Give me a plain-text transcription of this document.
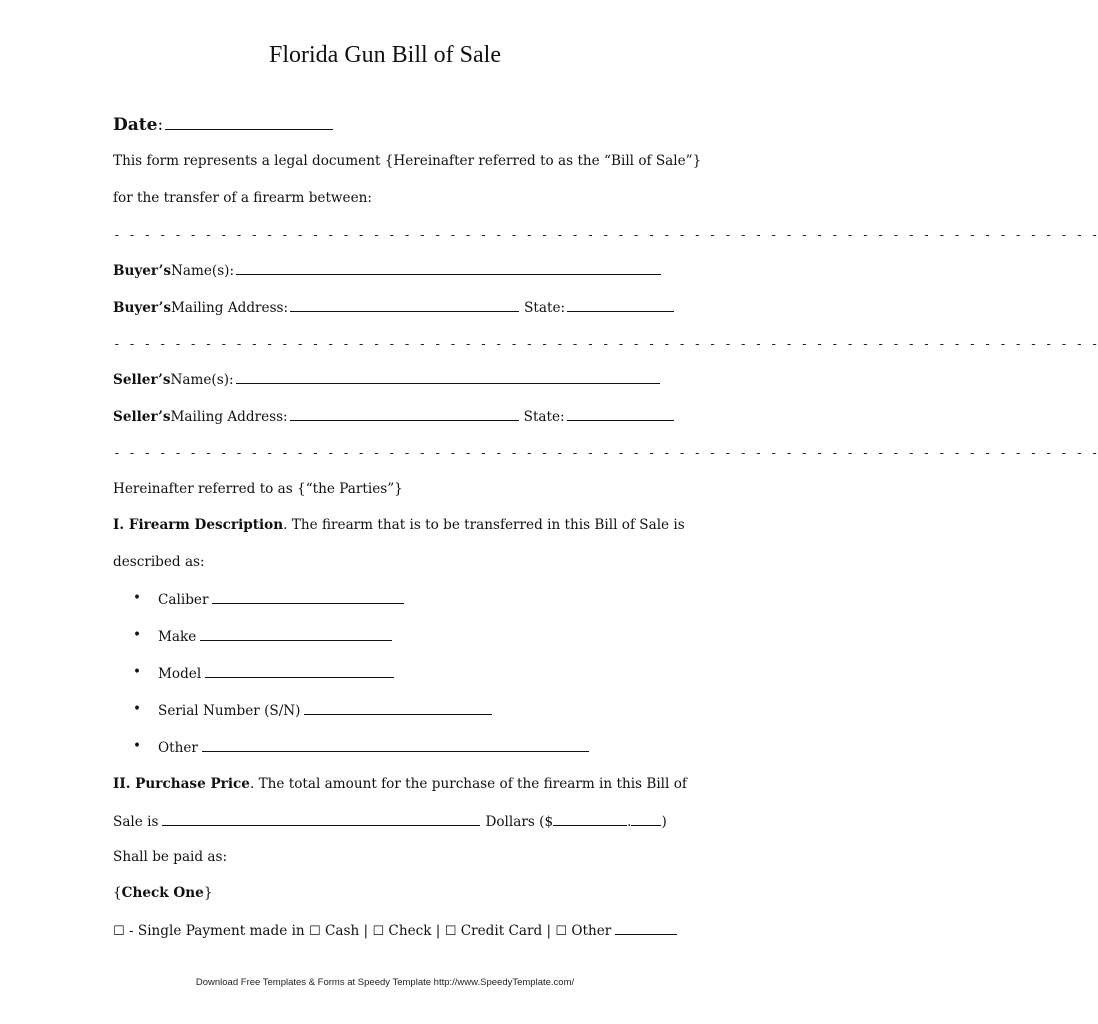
Florida Gun Bill of Sale
Date :
This form represents a legal document {Hereinafter referred to as the “Bill of Sale”}
for the transfer of a firearm between:
- - - - - - - - - - - - - - - - - - - - - - - - - - - - - - - - - - - - - - - - - - - - - - - - - - - - - - - - - - - - - - - - -
Buyer’s Name(s):
Buyer’s Mailing Address:	State:
- - - - - - - - - - - - - - - - - - - - - - - - - - - - - - - - - - - - - - - - - - - - - - - - - - - - - - - - - - - - - - - - -
Seller’s Name(s):
Seller’s Mailing Address:	State:
- - - - - - - - - - - - - - - - - - - - - - - - - - - - - - - - - - - - - - - - - - - - - - - - - - - - - - - - - - - - - - - - -
Hereinafter referred to as {“the Parties”}
I. Firearm Description . The firearm that is to be transferred in this Bill of Sale is
described as:
• Caliber
• Make
• Model
• Serial Number (S/N)
• Other
II. Purchase Price . The total amount for the purchase of the firearm in this Bill of
Sale is	Dollars ($	. )
Shall be paid as:
{ Check One }
☐ - Single Payment made in ☐ Cash | ☐ Check | ☐ Credit Card | ☐ Other
Download Free Templates & Forms at Speedy Template http://www.SpeedyTemplate.com/
